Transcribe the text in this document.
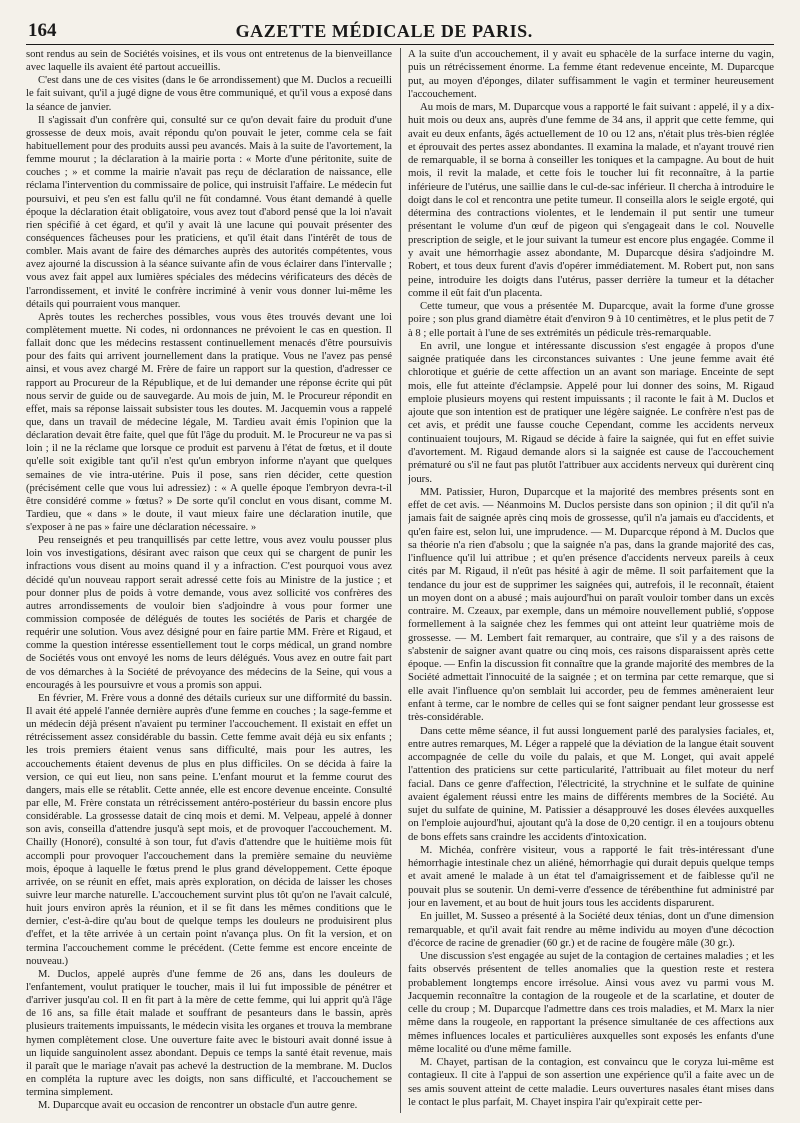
164	GAZETTE MÉDICALE DE PARIS.

sont rendus au sein de Sociétés voisines, et ils vous ont entretenus de la bienveillance avec laquelle ils avaient été partout accueillis.

C'est dans une de ces visites (dans le 6e arrondissement) que M. Duclos a recueilli le fait suivant, qu'il a jugé digne de vous être communiqué, et qu'il vous a exposé dans la séance de janvier.

Il s'agissait d'un confrère qui, consulté sur ce qu'on devait faire du produit d'une grossesse de deux mois, avait répondu qu'on pouvait le jeter, comme cela se fait habituellement pour des produits aussi peu avancés. Mais à la suite de l'avortement, la femme mourut ; la déclaration à la mairie porta : « Morte d'une péritonite, suite de couches ; » et comme la mairie n'avait pas reçu de déclaration de naissance, elle réclama l'intervention du commissaire de police, qui instruisit l'affaire. Le médecin fut poursuivi, et peu s'en est fallu qu'il ne fût condamné. Vous étant demandé à quelle époque la déclaration était obligatoire, vous avez tout d'abord pensé que la loi n'avait rien spécifié à cet égard, et qu'il y avait là une lacune qui pouvait présenter des conséquences fâcheuses pour les praticiens, et qu'il était dans l'intérêt de tous de combler. Mais avant de faire des démarches auprès des autorités compétentes, vous avez ajourné la discussion à la séance suivante afin de vous éclairer dans l'intervalle ; vous avez fait appel aux lumières spéciales des médecins vérificateurs des décès de l'arrondissement, et invité le confrère incriminé à venir vous donner lui-même les détails qui pourraient vous manquer.

Après toutes les recherches possibles, vous vous êtes trouvés devant une loi complètement muette. Ni codes, ni ordonnances ne prévoient le cas en question. Il fallait donc que les médecins restassent continuellement menacés d'être poursuivis pour des faits qui arrivent journellement dans la pratique. Vous ne l'avez pas pensé ainsi, et vous avez chargé M. Frère de faire un rapport sur la question, d'adresser ce rapport au Procureur de la République, et de lui demander une réponse écrite qui pût nous servir de guide ou de sauvegarde. Au mois de juin, M. le Procureur répondit en effet, mais sa réponse laissait subsister tous les doutes. M. Jacquemin vous a rappelé que, dans un travail de médecine légale, M. Tardieu avait émis l'opinion que la déclaration devait être faite, quel que fût l'âge du produit. M. le Procureur ne va pas si loin ; il ne la réclame que lorsque ce produit est parvenu à l'état de fœtus, et il doute qu'elle soit exigible tant qu'il n'est qu'un embryon informe n'ayant que quelques semaines de vie intra-utérine. Puis il pose, sans rien décider, cette question (précisément celle que vous lui adressiez) : « A quelle époque l'embryon devra-t-il être considéré comme » fœtus? » De sorte qu'il conclut en vous disant, comme M. Tardieu, que « dans » le doute, il vaut mieux faire une déclaration inutile, que s'exposer à ne pas » faire une déclaration nécessaire. »

Peu renseignés et peu tranquillisés par cette lettre, vous avez voulu pousser plus loin vos investigations, désirant avec raison que ceux qui se chargent de punir les infractions vous disent au moins quand il y a infraction. C'est pourquoi vous avez décidé qu'un nouveau rapport serait adressé cette fois au Ministre de la justice ; et pour donner plus de poids à votre demande, vous avez sollicité vos confrères des autres arrondissements de vouloir bien s'adjoindre à vous pour former une commission composée de délégués de toutes les sociétés de Paris et chargée de requérir une solution. Vous avez désigné pour en faire partie MM. Frère et Rigaud, et comme la question intéresse essentiellement tout le corps médical, un grand nombre de Sociétés vous ont envoyé les noms de leurs délégués. Vous avez en outre fait part de vos démarches à la Société de prévoyance des médecins de la Seine, qui vous a encouragés à les poursuivre et vous a promis son appui.

En février, M. Frère vous a donné des détails curieux sur une difformité du bassin. Il avait été appelé l'année dernière auprès d'une femme en couches ; la sage-femme et un médecin déjà présent n'avaient pu terminer l'accouchement. Il existait en effet un rétrécissement assez considérable du bassin. Cette femme avait déjà eu six enfants ; les trois premiers étaient venus sans difficulté, mais pour les autres, les accouchements étaient devenus de plus en plus difficiles. On se décida à faire la version, ce qui eut lieu, non sans peine. L'enfant mourut et la femme courut des dangers, mais elle se rétablit. Cette année, elle est encore devenue enceinte. Consulté par elle, M. Frère constata un rétrécissement antéro-postérieur du bassin encore plus considérable. La grossesse datait de cinq mois et demi. M. Velpeau, appelé à donner son avis, conseilla d'attendre jusqu'à sept mois, et de provoquer l'accouchement. M. Chailly (Honoré), consulté à son tour, fut d'avis d'attendre que le huitième mois fût accompli pour provoquer l'accouchement dans la première semaine du neuvième mois, époque à laquelle le fœtus prend le plus grand développement. Cette époque arrivée, on se réunit en effet, mais après exploration, on décida de laisser les choses suivre leur marche naturelle. L'accouchement survint plus tôt qu'on ne l'avait calculé, huit jours environ après la réunion, et il se fit dans les mêmes conditions que le dernier, c'est-à-dire qu'au bout de quelque temps les douleurs ne produisirent plus d'effet, et la tête arrivée à un certain point n'avança plus. On fit la version, et on termina l'accouchement comme le précédent. (Cette femme est encore enceinte de nouveau.)

M. Duclos, appelé auprès d'une femme de 26 ans, dans les douleurs de l'enfantement, voulut pratiquer le toucher, mais il lui fut impossible de pénétrer et d'arriver jusqu'au col. Il en fit part à la mère de cette femme, qui lui apprit qu'à l'âge de 16 ans, sa fille était malade et souffrant de pesanteurs dans le bassin, après plusieurs traitements impuissants, le médecin visita les organes et trouva la membrane hymen complètement close. Une ouverture faite avec le bistouri avait donné issue à un liquide sanguinolent assez abondant. Depuis ce temps la santé était revenue, mais il paraît que le mariage n'avait pas achevé la destruction de la membrane. M. Duclos en compléta la rupture avec les doigts, non sans difficulté, et l'accouchement se termina simplement.

M. Duparcque avait eu occasion de rencontrer un obstacle d'un autre genre.

A la suite d'un accouchement, il y avait eu sphacèle de la surface interne du vagin, puis un rétrécissement énorme. La femme étant redevenue enceinte, M. Duparcque put, au moyen d'éponges, dilater suffisamment le vagin et terminer heureusement l'accouchement.

Au mois de mars, M. Duparcque vous a rapporté le fait suivant : appelé, il y a dix-huit mois ou deux ans, auprès d'une femme de 34 ans, il apprit que cette femme, qui avait eu deux enfants, âgés actuellement de 10 ou 12 ans, n'était plus très-bien réglée et éprouvait des pertes assez abondantes. Il examina la malade, et n'ayant trouvé rien de remarquable, il se borna à conseiller les toniques et la campagne. Au bout de huit mois, il revit la malade, et cette fois le toucher lui fit reconnaître, à la partie inférieure de l'utérus, une saillie dans le cul-de-sac inférieur. Il chercha à introduire le doigt dans le col et rencontra une petite tumeur. Il conseilla alors le seigle ergoté, qui détermina des contractions violentes, et le lendemain il put sentir une tumeur présentant le volume d'un œuf de pigeon qui s'engageait dans le col. Nouvelle prescription de seigle, et le jour suivant la tumeur est encore plus engagée. Comme il y avait une hémorrhagie assez abondante, M. Duparcque désira s'adjoindre M. Robert, et tous deux furent d'avis d'opérer immédiatement. M. Robert put, non sans peine, introduire les doigts dans l'utérus, passer derrière la tumeur et la détacher comme il eût fait d'un placenta.

Cette tumeur, que vous a présentée M. Duparcque, avait la forme d'une grosse poire ; son plus grand diamètre était d'environ 9 à 10 centimètres, et le plus petit de 7 à 8 ; elle portait à l'une de ses extrémités un pédicule très-remarquable.

En avril, une longue et intéressante discussion s'est engagée à propos d'une saignée pratiquée dans les circonstances suivantes : Une jeune femme avait été chlorotique et guérie de cette affection un an avant son mariage. Enceinte de sept mois, elle fut atteinte d'éclampsie. Appelé pour lui donner des soins, M. Rigaud emploie plusieurs moyens qui restent impuissants ; il raconte le fait à M. Duclos et ajoute que son intention est de pratiquer une légère saignée. Le confrère n'est pas de cet avis, et prédit une fausse couche Cependant, comme les accidents nerveux continuaient toujours, M. Rigaud se décide à faire la saignée, qui fut en effet suivie d'avortement. M. Rigaud demande alors si la saignée est cause de l'accouchement prématuré ou s'il ne faut pas plutôt l'attribuer aux accidents nerveux qui durèrent cinq jours.

MM. Patissier, Huron, Duparcque et la majorité des membres présents sont en effet de cet avis. — Néanmoins M. Duclos persiste dans son opinion ; il dit qu'il n'a jamais fait de saignée après cinq mois de grossesse, qu'il n'a jamais eu d'accidents, et qu'en faire est, selon lui, une imprudence. — M. Duparcque répond à M. Duclos que sa théorie n'a rien d'absolu ; que la saignée n'a pas, dans la grande majorité des cas, l'influence qu'il lui attribue ; et qu'en présence d'accidents nerveux pareils à ceux cités par M. Rigaud, il n'eût pas hésité à agir de même. Il soit parfaitement que la tendance du jour est de supprimer les saignées qui, autrefois, il le reconnaît, étaient un moyen dont on a abusé ; mais aujourd'hui on paraît vouloir tomber dans un excès contraire. M. Czeaux, par exemple, dans un mémoire nouvellement publié, s'oppose formellement à la saignée chez les femmes qui ont atteint leur quatrième mois de grossesse. — M. Lembert fait remarquer, au contraire, que s'il y a des raisons de s'abstenir de saigner avant quatre ou cinq mois, ces raisons disparaissent après cette époque. — Enfin la discussion fit connaître que la grande majorité des membres de la Société admettait l'innocuité de la saignée ; et on termina par cette remarque, que si elle avait l'influence qu'on semblait lui accorder, peu de femmes amèneraient leur enfant à terme, car le nombre de celles qui se font saigner pendant leur grossesse est très-considérable.

Dans cette même séance, il fut aussi longuement parlé des paralysies faciales, et, entre autres remarques, M. Léger a rappelé que la déviation de la langue était souvent accompagnée de celle du voile du palais, et que M. Longet, qui avait appelé l'attention des praticiens sur cette particularité, l'attribuait au filet moteur du nerf facial. Dans ce genre d'affection, l'électricité, la strychnine et le sulfate de quinine avaient également réussi entre les mains de différents membres de la Société. Au sujet du sulfate de quinine, M. Patissier a désapprouvé les doses élevées auxquelles on l'emploie aujourd'hui, ajoutant qu'à la dose de 0,20 centigr. il en a toujours obtenu de bons effets sans craindre les accidents d'intoxication.

M. Michéa, confrère visiteur, vous a rapporté le fait très-intéressant d'une hémorrhagie intestinale chez un aliéné, hémorrhagie qui durait depuis quelque temps et avait amené le malade à un état tel d'amaigrissement et de faiblesse qu'il ne pouvait plus se soutenir. Un demi-verre d'essence de térébenthine fut administré par jour en lavement, et au bout de huit jours tous les accidents disparurent.

En juillet, M. Susseo a présenté à la Société deux ténias, dont un d'une dimension remarquable, et qu'il avait fait rendre au même individu au moyen d'une décoction d'écorce de racine de grenadier (60 gr.) et de racine de fougère mâle (30 gr.).

Une discussion s'est engagée au sujet de la contagion de certaines maladies ; et les faits observés présentent de telles anomalies que la question reste et restera probablement longtemps encore irrésolue. Ainsi vous avez vu parmi vous M. Jacquemin reconnaître la contagion de la rougeole et de la scarlatine, et douter de celle du croup ; M. Duparcque l'admettre dans ces trois maladies, et M. Marx la nier même dans la rougeole, en rapportant la présence simultanée de ces affections aux mêmes influences locales et particulières auxquelles sont exposés les enfants d'une même localité ou d'une même famille.

M. Chayet, partisan de la contagion, est convaincu que le coryza lui-même est contagieux. Il cite à l'appui de son assertion une expérience qu'il a faite avec un de ses amis souvent atteint de cette maladie. Leurs ouvertures nasales étant mises dans le contact le plus parfait, M. Chayet inspira l'air qu'expirait cette per-
